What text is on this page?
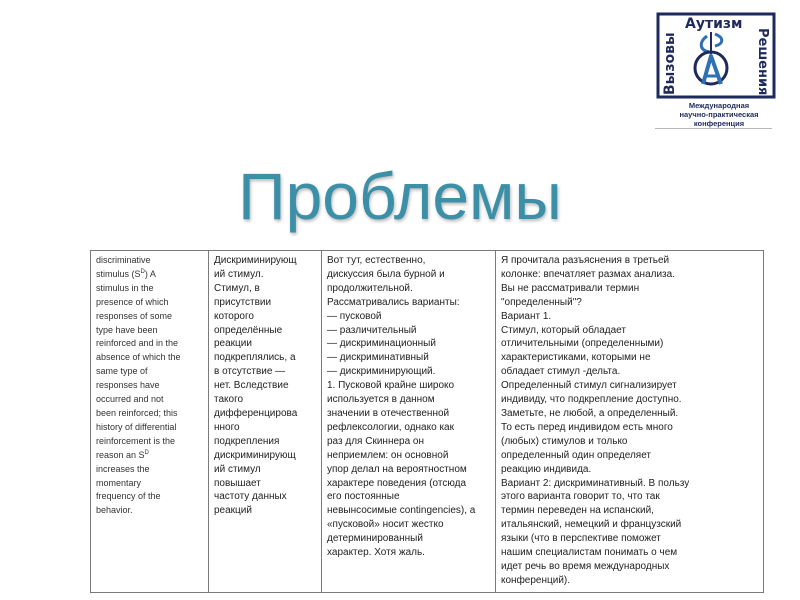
Вызовы
Аутизм
Решения
Международная
научно-практическая
конференция
Проблемы
discriminative
stimulus $(S^D)$ A
stimulus in the
presence of which
responses of some
type have been
reinforced and in the
absence of which the
same type of
responses have
occurred and not
been reinforced; this
history of differential
reinforcement is the
reason an $S^D$
increases the
momentary
frequency of the
behavior.

Дискриминирующ
ий стимул.
Стимул, в
присутствии
которого
определённые
реакции
подкреплялись, а
в отсутствие —
нет. Вследствие
такого
дифференцирова
нного
подкрепления
дискриминирующ
ий стимул
повышает
частоту данных
реакций

Вот тут, естественно,
дискуссия была бурной и
продолжительной.
Рассматривались варианты:
— пусковой
— различительный
— дискриминационный
— дискриминативный
— дискриминирующий.
1. Пусковой крайне широко
используется в данном
значении в отечественной
рефлексологии, однако как
раз для Скиннера он
неприемлем: он основной
упор делал на вероятностном
характере поведения (отсюда
его постоянные
невынсосимые contingencies), а
«пусковой» носит жестко
детерминированный
характер. Хотя жаль.

Я прочитала разъяснения в третьей
колонке: впечатляет размах анализа.
Вы не рассматривали термин
"определенный"?
Вариант 1.
Стимул, который обладает
отличительными (определенными)
характеристиками, которыми не
обладает стимул -дельта.
Определенный стимул сигнализирует
индивиду, что подкрепление доступно.
Заметьте, не любой, а определенный.
То есть перед индивидом есть много
(любых) стимулов и только
определенный один определяет
реакцию индивида.
Вариант 2: дискриминативный. В пользу
этого варианта говорит то, что так
термин переведен на испанский,
итальянский, немецкий и французский
языки (что в перспективе поможет
нашим специалистам понимать о чем
идет речь во время международных
конференций).
